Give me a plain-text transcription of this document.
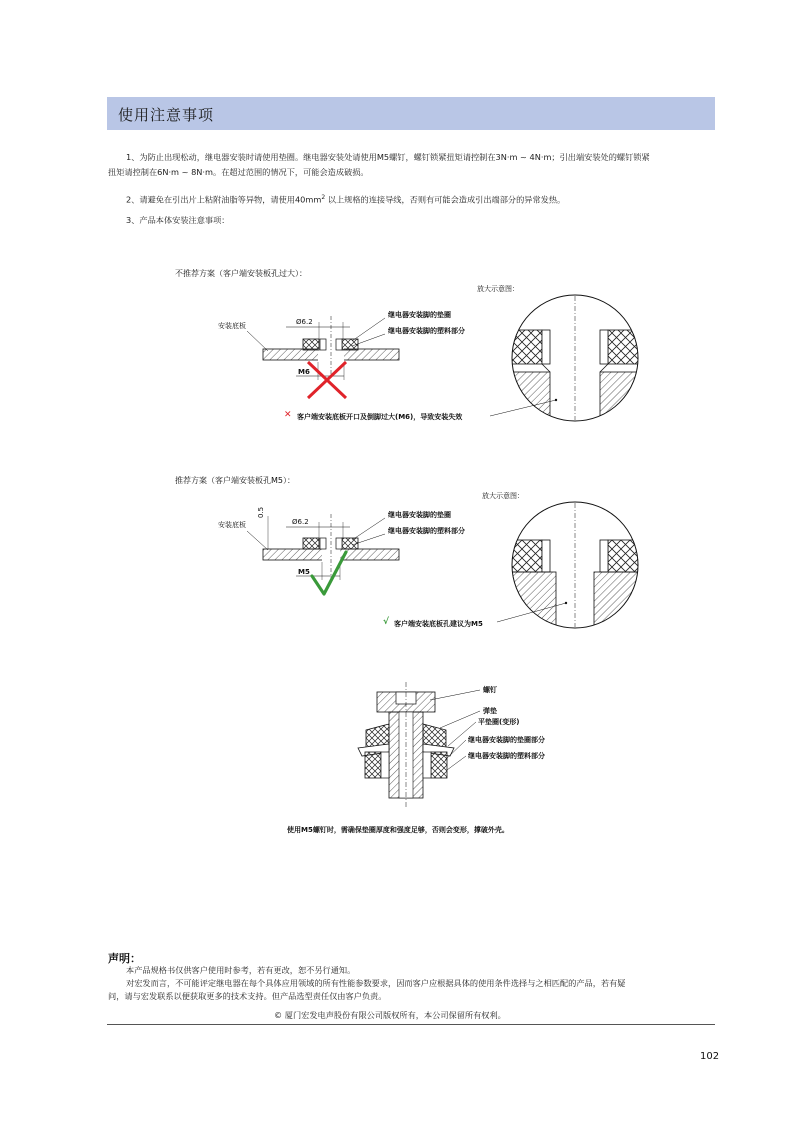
使用注意事项
1、为防止出现松动，继电器安装时请使用垫圈。继电器安装处请使用M5螺钉，螺钉锁紧扭矩请控制在3N·m ~ 4N·m；引出端安装处的螺钉锁紧
扭矩请控制在6N·m ~ 8N·m。在超过范围的情况下，可能会造成破损。
2、请避免在引出片上粘附油脂等异物，请使用$40mm^2$ 以上规格的连接导线，否则有可能会造成引出端部分的异常发热。
3、产品本体安装注意事项：
不推荐方案（客户端安装板孔过大）：
放大示意图：
安装底板	Ø6.2
继电器安装脚的垫圈
继电器安装脚的塑料部分
M6
✕ 客户端安装底板开口及倒脚过大(M6)，导致安装失效
推荐方案（客户端安装板孔M5）：
放大示意图：
安装底板
0.5
Ø6.2
继电器安装脚的垫圈
继电器安装脚的塑料部分
M5
√ 客户端安装底板孔建议为M5
螺钉
弹垫
平垫圈(变形)
继电器安装脚的垫圈部分
继电器安装脚的塑料部分
使用M5螺钉时，需确保垫圈厚度和强度足够，否则会变形，撑破外壳。
声明：
本产品规格书仅供客户使用时参考，若有更改，恕不另行通知。
对宏发而言，不可能评定继电器在每个具体应用领域的所有性能参数要求，因而客户应根据具体的使用条件选择与之相匹配的产品，若有疑
问，请与宏发联系以便获取更多的技术支持。但产品选型责任仅由客户负责。
© 厦门宏发电声股份有限公司版权所有，本公司保留所有权利。
102
